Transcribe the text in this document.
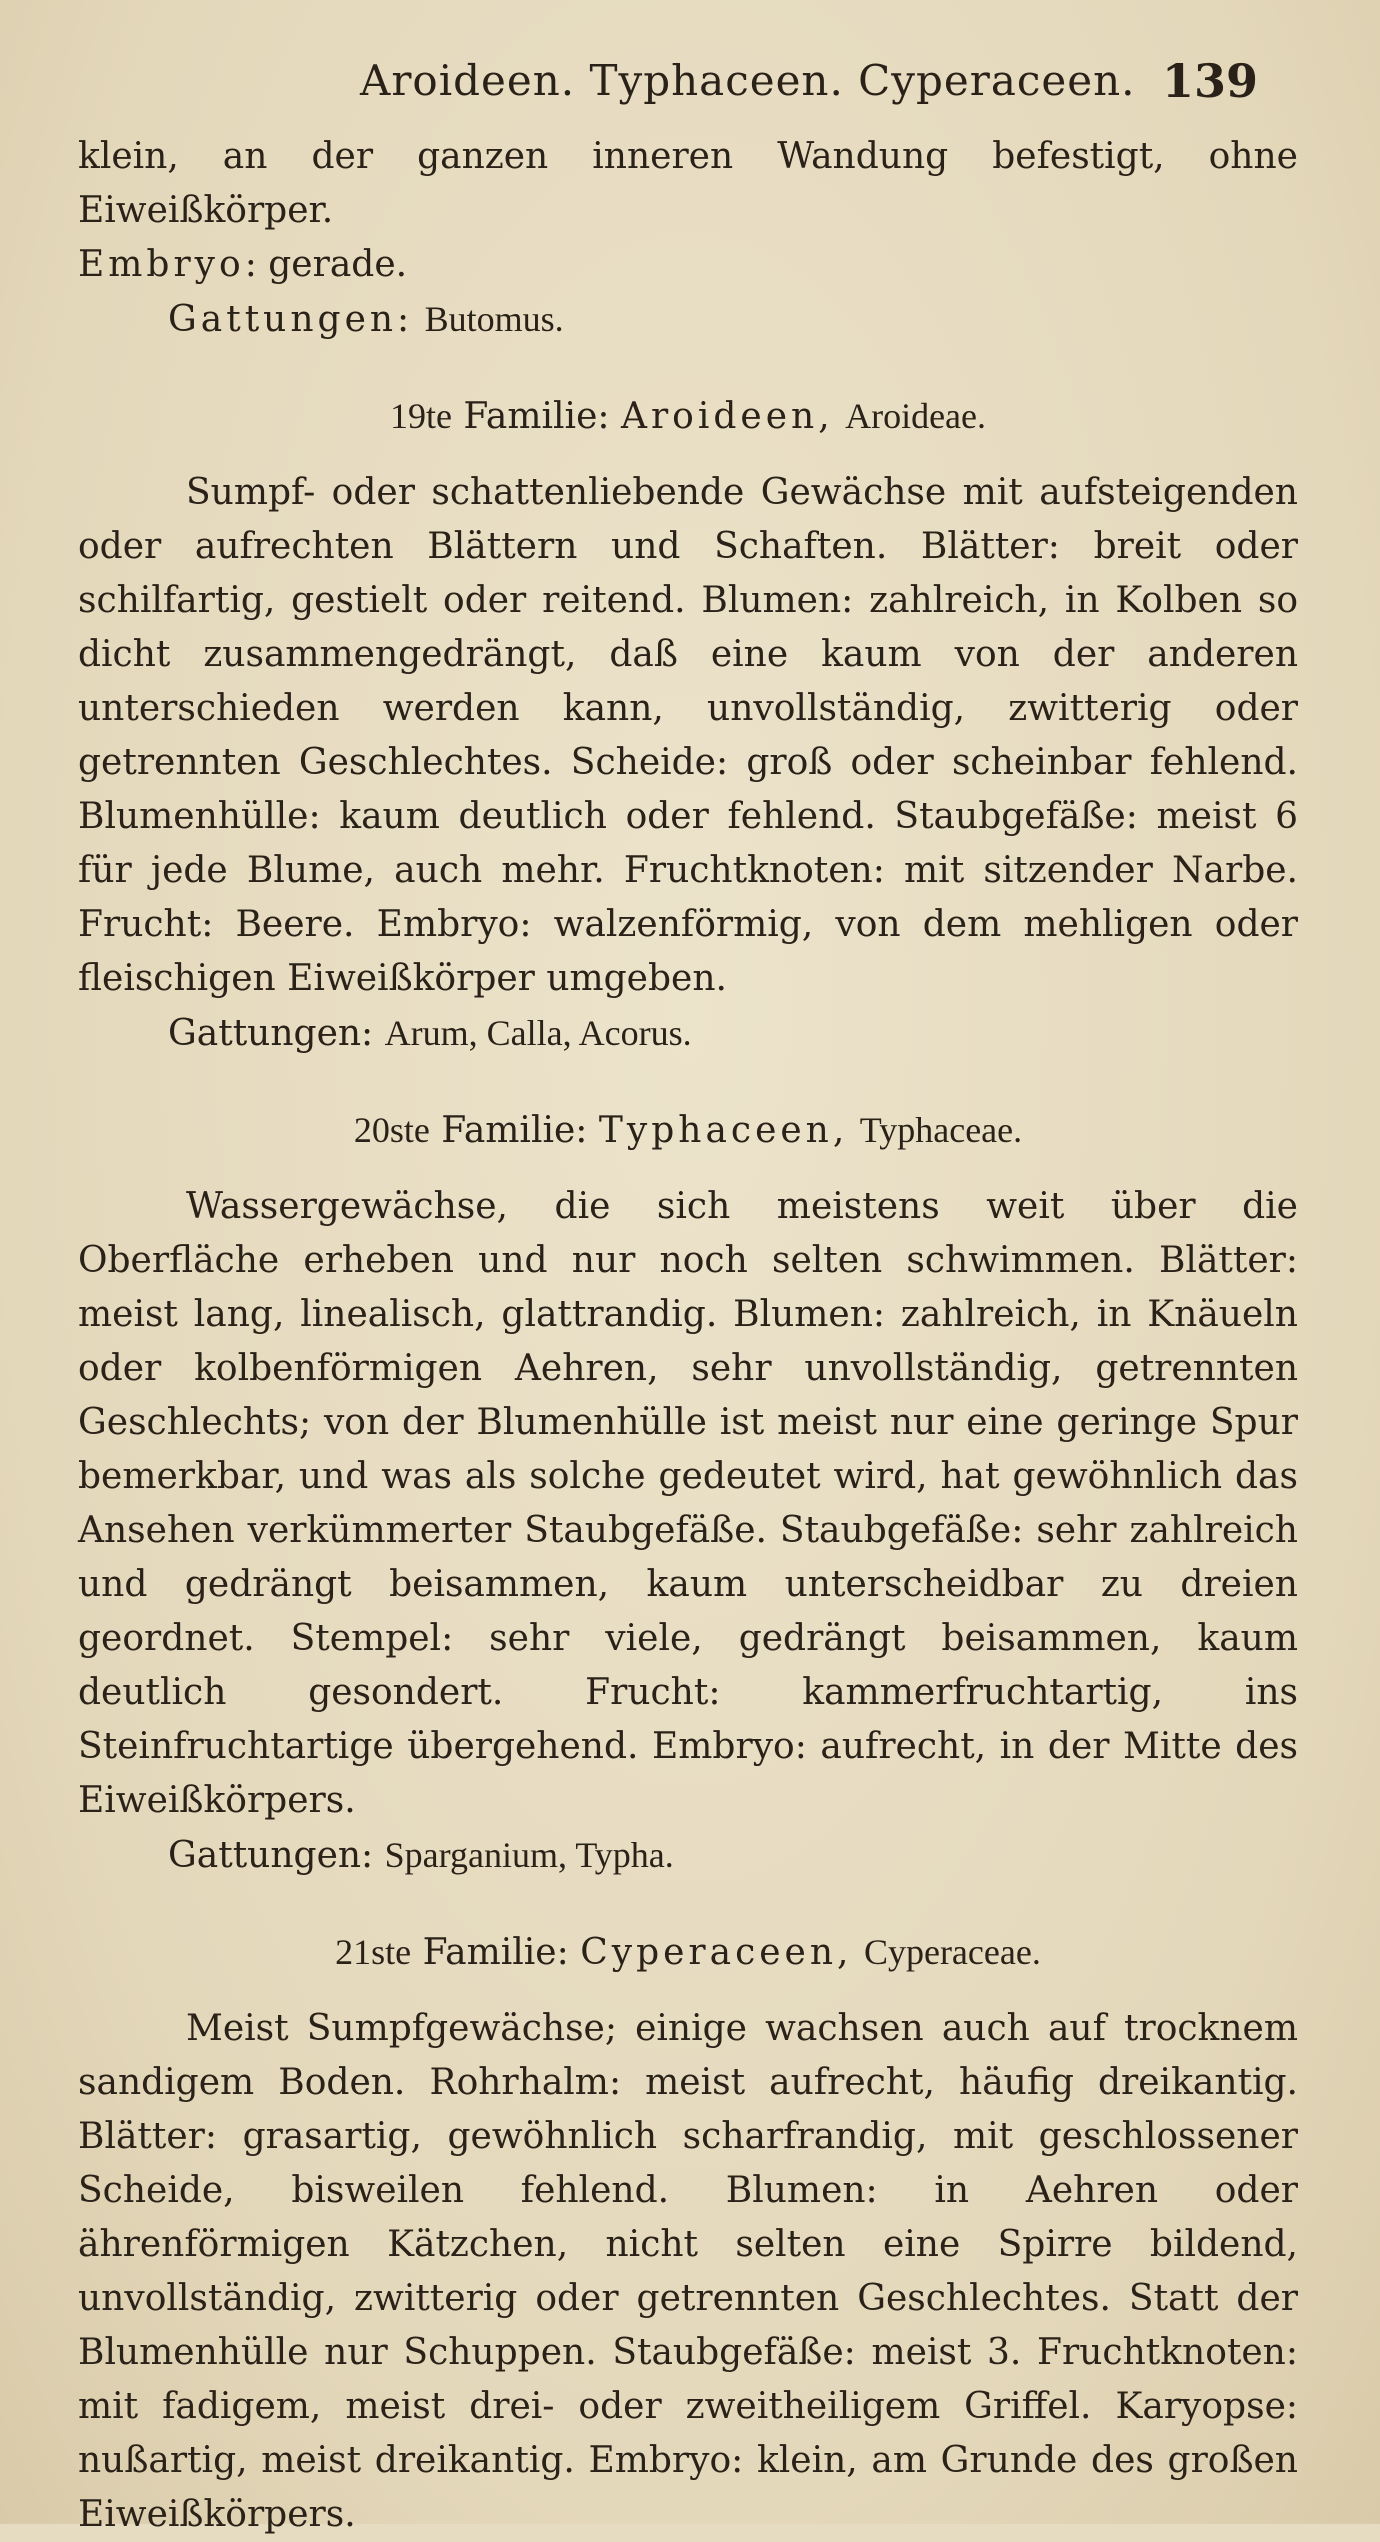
Aroideen. Typhaceen. Cyperaceen. 139

klein, an der ganzen inneren Wandung befestigt, ohne Eiweißkörper.
Embryo: gerade.

Gattungen: Butomus.

19te Familie: Aroideen, Aroideae.

Sumpf- oder schattenliebende Gewächse mit aufsteigenden oder aufrechten Blättern und Schaften. Blätter: breit oder schilfartig, gestielt oder reitend. Blumen: zahlreich, in Kolben so dicht zusammengedrängt, daß eine kaum von der anderen unterschieden werden kann, unvollständig, zwitterig oder getrennten Geschlechtes. Scheide: groß oder scheinbar fehlend. Blumenhülle: kaum deutlich oder fehlend. Staubgefäße: meist 6 für jede Blume, auch mehr. Fruchtknoten: mit sitzender Narbe. Frucht: Beere. Embryo: walzenförmig, von dem mehligen oder fleischigen Eiweißkörper umgeben.

Gattungen: Arum, Calla, Acorus.

20ste Familie: Typhaceen, Typhaceae.

Wassergewächse, die sich meistens weit über die Oberfläche erheben und nur noch selten schwimmen. Blätter: meist lang, linealisch, glattrandig. Blumen: zahlreich, in Knäueln oder kolbenförmigen Aehren, sehr unvollständig, getrennten Geschlechts; von der Blumenhülle ist meist nur eine geringe Spur bemerkbar, und was als solche gedeutet wird, hat gewöhnlich das Ansehen verkümmerter Staubgefäße. Staubgefäße: sehr zahlreich und gedrängt beisammen, kaum unterscheidbar zu dreien geordnet. Stempel: sehr viele, gedrängt beisammen, kaum deutlich gesondert. Frucht: kammerfruchtartig, ins Steinfruchtartige übergehend. Embryo: aufrecht, in der Mitte des Eiweißkörpers.

Gattungen: Sparganium, Typha.

21ste Familie: Cyperaceen, Cyperaceae.

Meist Sumpfgewächse; einige wachsen auch auf trocknem sandigem Boden. Rohrhalm: meist aufrecht, häufig dreikantig. Blätter: grasartig, gewöhnlich scharfrandig, mit geschlossener Scheide, bisweilen fehlend. Blumen: in Aehren oder ährenförmigen Kätzchen, nicht selten eine Spirre bildend, unvollständig, zwitterig oder getrennten Geschlechtes. Statt der Blumenhülle nur Schuppen. Staubgefäße: meist 3. Fruchtknoten: mit fadigem, meist drei- oder zweitheiligem Griffel. Karyopse: nußartig, meist dreikantig. Embryo: klein, am Grunde des großen Eiweißkörpers.
